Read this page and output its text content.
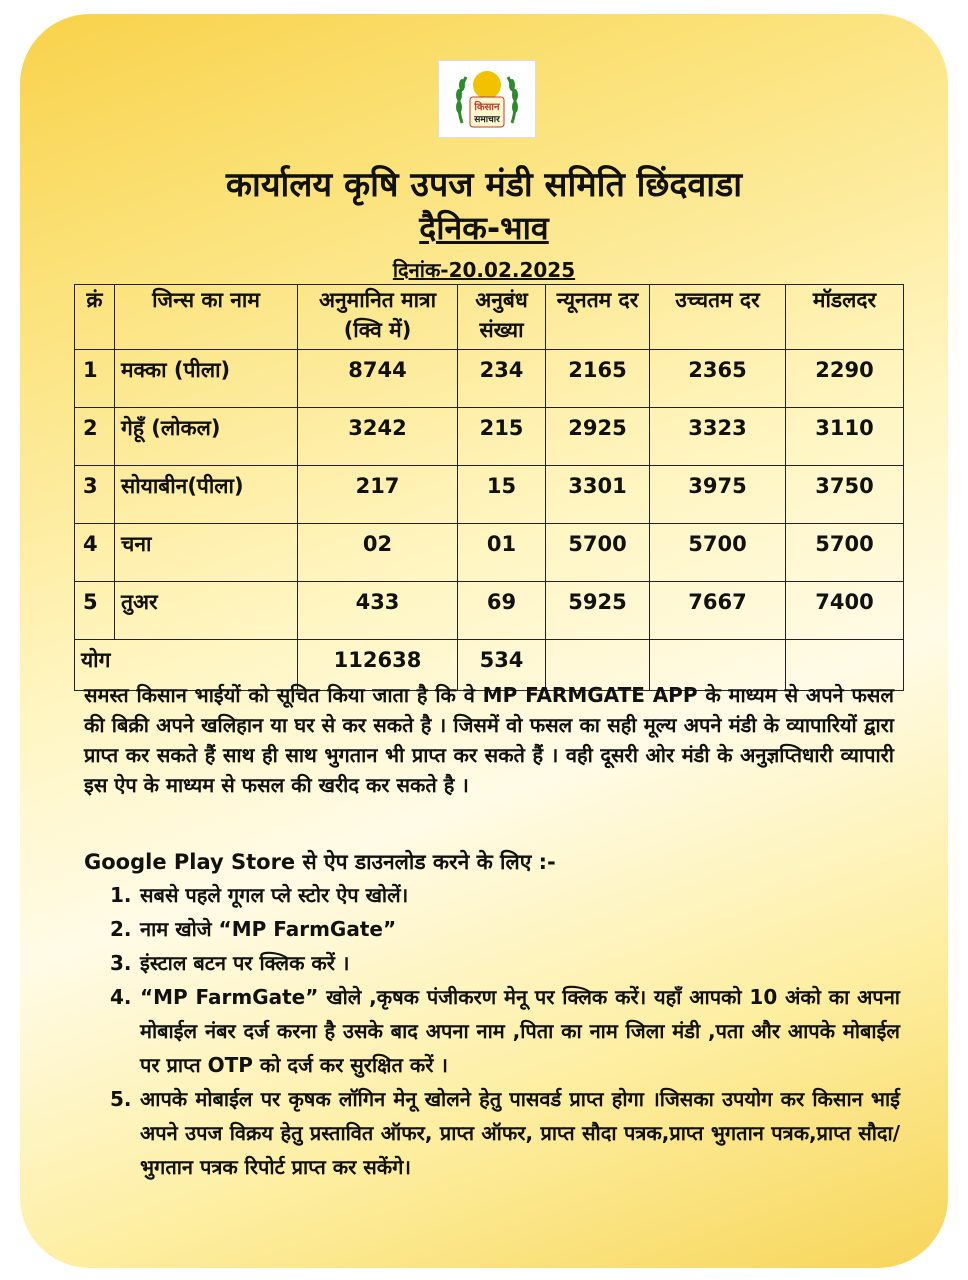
किसान
समाचार
कार्यालय कृषि उपज मंडी समिति छिंदवाडा
दैनिक-भाव
दिनांक-20.02.2025
क्रं	जिन्स का नाम	अनुमानित मात्रा (क्वि में)	अनुबंध संख्या	न्यूनतम दर	उच्चतम दर	मॉडलदर
1	मक्का (पीला)	8744	234	2165	2365	2290
2	गेहूँ (लोकल)	3242	215	2925	3323	3110
3	सोयाबीन(पीला)	217	15	3301	3975	3750
4	चना	02	01	5700	5700	5700
5	तुअर	433	69	5925	7667	7400
योग		112638	534			

समस्त किसान भाईयों को सूचित किया जाता है कि वे MP FARMGATE APP के माध्यम से अपने फसल की बिक्री अपने खलिहान या घर से कर सकते है । जिसमें वो फसल का सही मूल्य अपने मंडी के व्यापारियों द्वारा प्राप्त कर सकते हैं साथ ही साथ भुगतान भी प्राप्त कर सकते हैं । वही दूसरी ओर मंडी के अनुज्ञप्तिधारी व्यापारी इस ऐप के माध्यम से फसल की खरीद कर सकते है ।

Google Play Store से ऐप डाउनलोड करने के लिए :-
1. सबसे पहले गूगल प्ले स्टोर ऐप खोलें।
2. नाम खोजे “MP FarmGate”
3. इंस्टाल बटन पर क्लिक करें ।
4. “MP FarmGate” खोले ,कृषक पंजीकरण मेनू पर क्लिक करें। यहाँ आपको 10 अंको का अपना मोबाईल नंबर दर्ज करना है उसके बाद अपना नाम ,पिता का नाम जिला मंडी ,पता और आपके मोबाईल पर प्राप्त OTP को दर्ज कर सुरक्षित करें ।
5. आपके मोबाईल पर कृषक लॉगिन मेनू खोलने हेतु पासवर्ड प्राप्त होगा ।जिसका उपयोग कर किसान भाई अपने उपज विक्रय हेतु प्रस्तावित ऑफर, प्राप्त ऑफर, प्राप्त सौदा पत्रक,प्राप्त भुगतान पत्रक,प्राप्त सौदा/भुगतान पत्रक रिपोर्ट प्राप्त कर सकेंगे।
